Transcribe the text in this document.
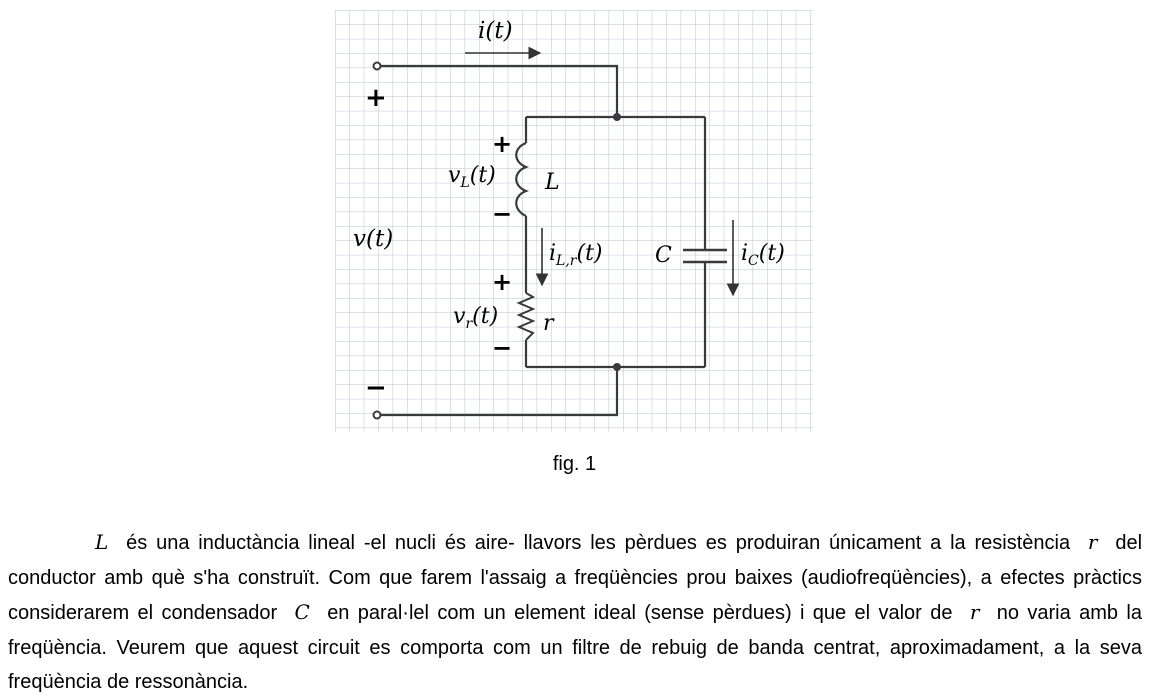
i(t)
+
−
v(t)
+
−
$v_L(t)$ L
$i_{L,r}(t)$
+
−
$v_r(t)$ r
C	$i_C(t)$
fig. 1

L és una inductància lineal -el nucli és aire- llavors les pèrdues es produiran únicament a la resistència r del conductor amb què s'ha construït. Com que farem l'assaig a freqüències prou baixes (audiofreqüències), a efectes pràctics considerarem el condensador C en paral·lel com un element ideal (sense pèrdues) i que el valor de r no varia amb la freqüència. Veurem que aquest circuit es comporta com un filtre de rebuig de banda centrat, aproximadament, a la seva freqüència de ressonància.
